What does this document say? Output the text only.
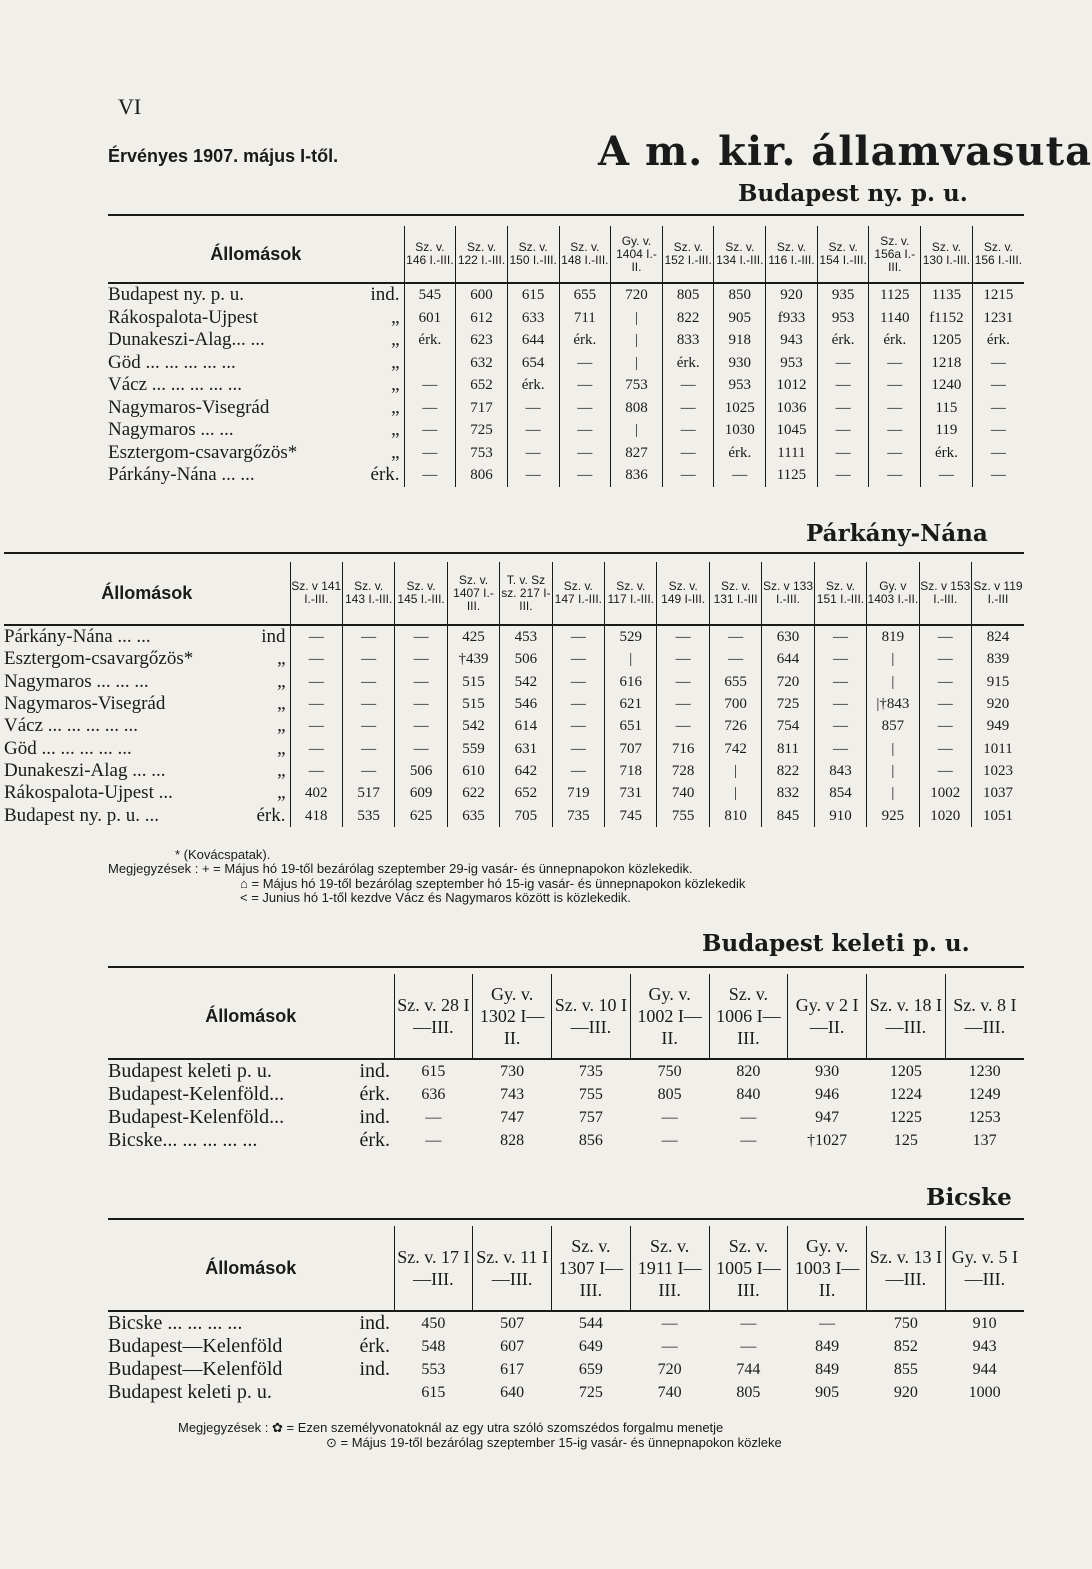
VI
Érvényes 1907. május I-től.	A m. kir. államvasuta
Budapest ny. p. u.
Állomások		Sz. v. 146 I.-III.	Sz. v. 122 I.-III.	Sz. v. 150 I.-III.	Sz. v. 148 I.-III.	Gy. v. 1404 I.-II.	Sz. v. 152 I.-III.	Sz. v. 134 I.-III.	Sz. v. 116 I.-III.	Sz. v. 154 I.-III.	Sz. v. 156a I.-III.	Sz. v. 130 I.-III.	Sz. v. 156 I.-III.
Budapest ny. p. u.	ind.	545	600	615	655	720	805	850	920	935	1125	1135	1215
Rákospalota-Ujpest	„	601	612	633	711	|	822	905	f933	953	1140	f1152	1231
Dunakeszi-Alag... ...	„	érk.	623	644	érk.	|	833	918	943	érk.	érk.	1205	érk.
Göd ... ... ... ... ...	„		632	654	—	|	érk.	930	953	—	—	1218	—
Vácz ... ... ... ... ...	„	—	652	érk.	—	753	—	953	1012	—	—	1240	—
Nagymaros-Visegrád	„	—	717	—	—	808	—	1025	1036	—	—	115	—
Nagymaros ... ...	„	—	725	—	—	|	—	1030	1045	—	—	119	—
Esztergom-csavargőzös*	„	—	753	—	—	827	—	érk.	1111	—	—	érk.	—
Párkány-Nána ... ...	érk.	—	806	—	—	836	—	—	1125	—	—	—	—
Párkány-Nána
Állomások		Sz. v 141 I.-III.	Sz. v. 143 I.-III.	Sz. v. 145 I.-III.	Sz. v. 1407 I.-III.	T. v. Sz sz. 217 I-III.	Sz. v. 147 I.-III.	Sz. v. 117 I.-III.	Sz. v. 149 I-III.	Sz. v. 131 I.-III	Sz. v 133 I.-III.	Sz. v. 151 I.-III.	Gy. v 1403 I.-II.	Sz. v 153 I.-III.	Sz. v 119 I.-III
Párkány-Nána ... ...	ind	—	—	—	425	453	—	529	—	—	630	—	819	—	824
Esztergom-csavargőzös*	„	—	—	—	†439	506	—	|	—	—	644	—	|	—	839
Nagymaros ... ... ...	„	—	—	—	515	542	—	616	—	655	720	—	|	—	915
Nagymaros-Visegrád	„	—	—	—	515	546	—	621	—	700	725	—	|†843	—	920
Vácz ... ... ... ... ...	„	—	—	—	542	614	—	651	—	726	754	—	857	—	949
Göd ... ... ... ... ...	„	—	—	—	559	631	—	707	716	742	811	—	|	—	1011
Dunakeszi-Alag ... ...	„	—	—	506	610	642	—	718	728	|	822	843	|	—	1023
Rákospalota-Ujpest ...	„	402	517	609	622	652	719	731	740	|	832	854	|	1002	1037
Budapest ny. p. u. ...	érk.	418	535	625	635	705	735	745	755	810	845	910	925	1020	1051
* (Kovácspatak).
Megjegyzések : + = Május hó 19-től bezárólag szeptember 29-ig vasár- és ünnepnapokon közlekedik.
⌂ = Május hó 19-től bezárólag szeptember hó 15-ig vasár- és ünnepnapokon közlekedik
< = Junius hó 1-től kezdve Vácz és Nagymaros között is közlekedik.
Budapest keleti p. u.
Állomások		Sz. v. 28 I—III.	Gy. v. 1302 I—II.	Sz. v. 10 I—III.	Gy. v. 1002 I—II.	Sz. v. 1006 I—III.	Gy. v 2 I—II.	Sz. v. 18 I—III.	Sz. v. 8 I—III.
Budapest keleti p. u.	ind.	615	730	735	750	820	930	1205	1230
Budapest-Kelenföld...	érk.	636	743	755	805	840	946	1224	1249
Budapest-Kelenföld...	ind.	—	747	757	—	—	947	1225	1253
Bicske... ... ... ... ...	érk.	—	828	856	—	—	†1027	125	137
Bicske
Állomások		Sz. v. 17 I—III.	Sz. v. 11 I—III.	Sz. v. 1307 I—III.	Sz. v. 1911 I—III.	Sz. v. 1005 I—III.	Gy. v. 1003 I—II.	Sz. v. 13 I—III.	Gy. v. 5 I—III.
Bicske ... ... ... ...	ind.	450	507	544	—	—	—	750	910
Budapest—Kelenföld	érk.	548	607	649	—	—	849	852	943
Budapest—Kelenföld	ind.	553	617	659	720	744	849	855	944
Budapest keleti p. u.		615	640	725	740	805	905	920	1000
Megjegyzések : ✿ = Ezen személyvonatoknál az egy utra szóló szomszédos forgalmu menetje
⊙ = Május 19-től bezárólag szeptember 15-ig vasár- és ünnepnapokon közleke
